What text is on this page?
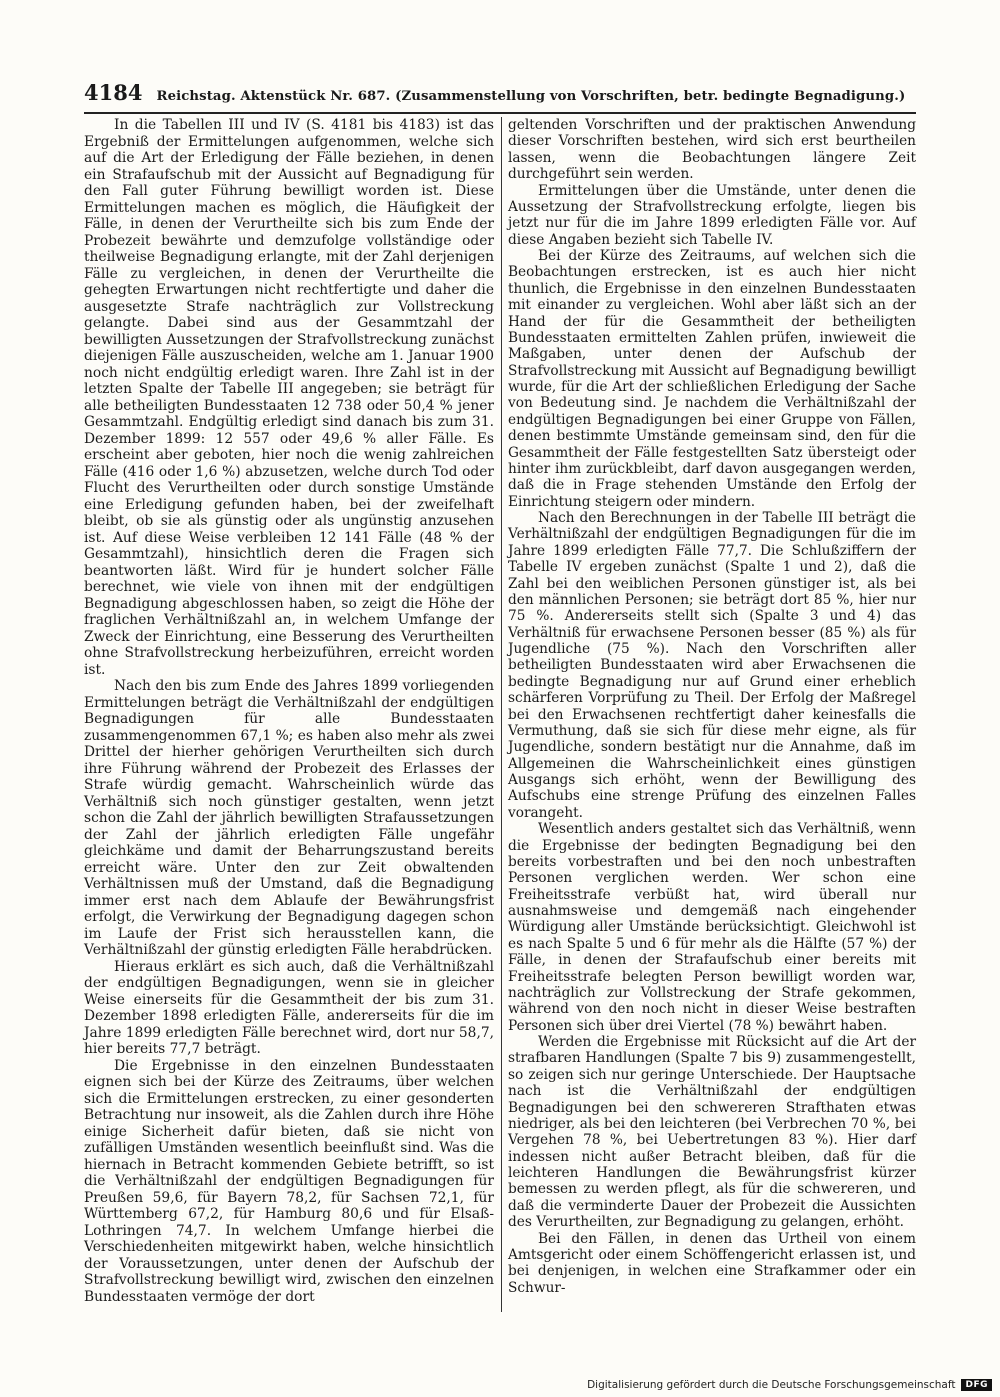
4184 Reichstag. Aktenstück Nr. 687. (Zusammenstellung von Vorschriften, betr. bedingte Begnadigung.)

In die Tabellen III und IV (S. 4181 bis 4183) ist das Ergebniß der Ermittelungen aufgenommen, welche sich auf die Art der Erledigung der Fälle beziehen, in denen ein Strafaufschub mit der Aussicht auf Begnadigung für den Fall guter Führung bewilligt worden ist. Diese Ermittelungen machen es möglich, die Häufigkeit der Fälle, in denen der Verurtheilte sich bis zum Ende der Probezeit bewährte und demzufolge vollständige oder theilweise Begnadigung erlangte, mit der Zahl derjenigen Fälle zu vergleichen, in denen der Verurtheilte die gehegten Erwartungen nicht rechtfertigte und daher die ausgesetzte Strafe nachträglich zur Vollstreckung gelangte. Dabei sind aus der Gesammtzahl der bewilligten Aussetzungen der Strafvollstreckung zunächst diejenigen Fälle auszuscheiden, welche am 1. Januar 1900 noch nicht endgültig erledigt waren. Ihre Zahl ist in der letzten Spalte der Tabelle III angegeben; sie beträgt für alle betheiligten Bundesstaaten 12 738 oder 50,4 % jener Gesammtzahl. Endgültig erledigt sind danach bis zum 31. Dezember 1899: 12 557 oder 49,6 % aller Fälle. Es erscheint aber geboten, hier noch die wenig zahlreichen Fälle (416 oder 1,6 %) abzusetzen, welche durch Tod oder Flucht des Verurtheilten oder durch sonstige Umstände eine Erledigung gefunden haben, bei der zweifelhaft bleibt, ob sie als günstig oder als ungünstig anzusehen ist. Auf diese Weise verbleiben 12 141 Fälle (48 % der Gesammtzahl), hinsichtlich deren die Fragen sich beantworten läßt. Wird für je hundert solcher Fälle berechnet, wie viele von ihnen mit der endgültigen Begnadigung abgeschlossen haben, so zeigt die Höhe der fraglichen Verhältnißzahl an, in welchem Umfange der Zweck der Einrichtung, eine Besserung des Verurtheilten ohne Strafvollstreckung herbeizuführen, erreicht worden ist.

Nach den bis zum Ende des Jahres 1899 vorliegenden Ermittelungen beträgt die Verhältnißzahl der endgültigen Begnadigungen für alle Bundesstaaten zusammengenommen 67,1 %; es haben also mehr als zwei Drittel der hierher gehörigen Verurtheilten sich durch ihre Führung während der Probezeit des Erlasses der Strafe würdig gemacht. Wahrscheinlich würde das Verhältniß sich noch günstiger gestalten, wenn jetzt schon die Zahl der jährlich bewilligten Strafaussetzungen der Zahl der jährlich erledigten Fälle ungefähr gleichkäme und damit der Beharrungszustand bereits erreicht wäre. Unter den zur Zeit obwaltenden Verhältnissen muß der Umstand, daß die Begnadigung immer erst nach dem Ablaufe der Bewährungsfrist erfolgt, die Verwirkung der Begnadigung dagegen schon im Laufe der Frist sich herausstellen kann, die Verhältnißzahl der günstig erledigten Fälle herabdrücken.

Hieraus erklärt es sich auch, daß die Verhältnißzahl der endgültigen Begnadigungen, wenn sie in gleicher Weise einerseits für die Gesammtheit der bis zum 31. Dezember 1898 erledigten Fälle, andererseits für die im Jahre 1899 erledigten Fälle berechnet wird, dort nur 58,7, hier bereits 77,7 beträgt.

Die Ergebnisse in den einzelnen Bundesstaaten eignen sich bei der Kürze des Zeitraums, über welchen sich die Ermittelungen erstrecken, zu einer gesonderten Betrachtung nur insoweit, als die Zahlen durch ihre Höhe einige Sicherheit dafür bieten, daß sie nicht von zufälligen Umständen wesentlich beeinflußt sind. Was die hiernach in Betracht kommenden Gebiete betrifft, so ist die Verhältnißzahl der endgültigen Begnadigungen für Preußen 59,6, für Bayern 78,2, für Sachsen 72,1, für Württemberg 67,2, für Hamburg 80,6 und für Elsaß-Lothringen 74,7. In welchem Umfange hierbei die Verschiedenheiten mitgewirkt haben, welche hinsichtlich der Voraussetzungen, unter denen der Aufschub der Strafvollstreckung bewilligt wird, zwischen den einzelnen Bundesstaaten vermöge der dort

geltenden Vorschriften und der praktischen Anwendung dieser Vorschriften bestehen, wird sich erst beurtheilen lassen, wenn die Beobachtungen längere Zeit durchgeführt sein werden.

Ermittelungen über die Umstände, unter denen die Aussetzung der Strafvollstreckung erfolgte, liegen bis jetzt nur für die im Jahre 1899 erledigten Fälle vor. Auf diese Angaben bezieht sich Tabelle IV.

Bei der Kürze des Zeitraums, auf welchen sich die Beobachtungen erstrecken, ist es auch hier nicht thunlich, die Ergebnisse in den einzelnen Bundesstaaten mit einander zu vergleichen. Wohl aber läßt sich an der Hand der für die Gesammtheit der betheiligten Bundesstaaten ermittelten Zahlen prüfen, inwieweit die Maßgaben, unter denen der Aufschub der Strafvollstreckung mit Aussicht auf Begnadigung bewilligt wurde, für die Art der schließlichen Erledigung der Sache von Bedeutung sind. Je nachdem die Verhältnißzahl der endgültigen Begnadigungen bei einer Gruppe von Fällen, denen bestimmte Umstände gemeinsam sind, den für die Gesammtheit der Fälle festgestellten Satz übersteigt oder hinter ihm zurückbleibt, darf davon ausgegangen werden, daß die in Frage stehenden Umstände den Erfolg der Einrichtung steigern oder mindern.

Nach den Berechnungen in der Tabelle III beträgt die Verhältnißzahl der endgültigen Begnadigungen für die im Jahre 1899 erledigten Fälle 77,7. Die Schlußziffern der Tabelle IV ergeben zunächst (Spalte 1 und 2), daß die Zahl bei den weiblichen Personen günstiger ist, als bei den männlichen Personen; sie beträgt dort 85 %, hier nur 75 %. Andererseits stellt sich (Spalte 3 und 4) das Verhältniß für erwachsene Personen besser (85 %) als für Jugendliche (75 %). Nach den Vorschriften aller betheiligten Bundesstaaten wird aber Erwachsenen die bedingte Begnadigung nur auf Grund einer erheblich schärferen Vorprüfung zu Theil. Der Erfolg der Maßregel bei den Erwachsenen rechtfertigt daher keinesfalls die Vermuthung, daß sie sich für diese mehr eigne, als für Jugendliche, sondern bestätigt nur die Annahme, daß im Allgemeinen die Wahrscheinlichkeit eines günstigen Ausgangs sich erhöht, wenn der Bewilligung des Aufschubs eine strenge Prüfung des einzelnen Falles vorangeht.

Wesentlich anders gestaltet sich das Verhältniß, wenn die Ergebnisse der bedingten Begnadigung bei den bereits vorbestraften und bei den noch unbestraften Personen verglichen werden. Wer schon eine Freiheitsstrafe verbüßt hat, wird überall nur ausnahmsweise und demgemäß nach eingehender Würdigung aller Umstände berücksichtigt. Gleichwohl ist es nach Spalte 5 und 6 für mehr als die Hälfte (57 %) der Fälle, in denen der Strafaufschub einer bereits mit Freiheitsstrafe belegten Person bewilligt worden war, nachträglich zur Vollstreckung der Strafe gekommen, während von den noch nicht in dieser Weise bestraften Personen sich über drei Viertel (78 %) bewährt haben.

Werden die Ergebnisse mit Rücksicht auf die Art der strafbaren Handlungen (Spalte 7 bis 9) zusammengestellt, so zeigen sich nur geringe Unterschiede. Der Hauptsache nach ist die Verhältnißzahl der endgültigen Begnadigungen bei den schwereren Strafthaten etwas niedriger, als bei den leichteren (bei Verbrechen 70 %, bei Vergehen 78 %, bei Uebertretungen 83 %). Hier darf indessen nicht außer Betracht bleiben, daß für die leichteren Handlungen die Bewährungsfrist kürzer bemessen zu werden pflegt, als für die schwereren, und daß die verminderte Dauer der Probezeit die Aussichten des Verurtheilten, zur Begnadigung zu gelangen, erhöht.

Bei den Fällen, in denen das Urtheil von einem Amtsgericht oder einem Schöffengericht erlassen ist, und bei denjenigen, in welchen eine Strafkammer oder ein Schwur-

Digitalisierung gefördert durch die Deutsche Forschungsgemeinschaft	DFG
